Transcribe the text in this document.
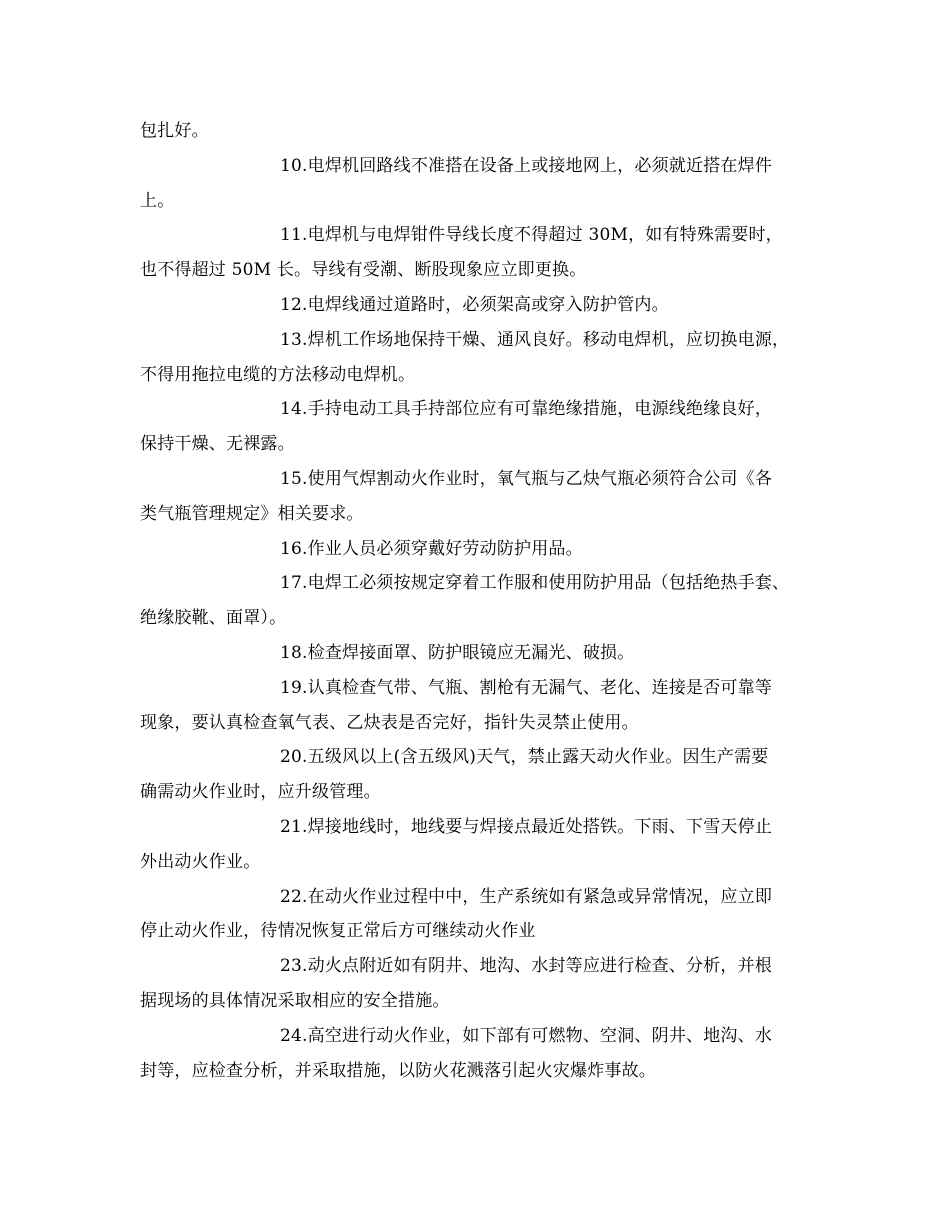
包扎好。
10.电焊机回路线不准搭在设备上或接地网上，必须就近搭在焊件
上。
11.电焊机与电焊钳件导线长度不得超过 30M，如有特殊需要时，
也不得超过 50M 长。导线有受潮、断股现象应立即更换。
12.电焊线通过道路时，必须架高或穿入防护管内。
13.焊机工作场地保持干燥、通风良好。移动电焊机，应切换电源，
不得用拖拉电缆的方法移动电焊机。
14.手持电动工具手持部位应有可靠绝缘措施，电源线绝缘良好，
保持干燥、无裸露。
15.使用气焊割动火作业时，氧气瓶与乙炔气瓶必须符合公司《各
类气瓶管理规定》相关要求。
16.作业人员必须穿戴好劳动防护用品。
17.电焊工必须按规定穿着工作服和使用防护用品（包括绝热手套、
绝缘胶靴、面罩）。
18.检查焊接面罩、防护眼镜应无漏光、破损。
19.认真检查气带、气瓶、割枪有无漏气、老化、连接是否可靠等
现象，要认真检查氧气表、乙炔表是否完好，指针失灵禁止使用。
20.五级风以上(含五级风)天气，禁止露天动火作业。因生产需要
确需动火作业时，应升级管理。
21.焊接地线时，地线要与焊接点最近处搭铁。下雨、下雪天停止
外出动火作业。
22.在动火作业过程中中，生产系统如有紧急或异常情况，应立即
停止动火作业，待情况恢复正常后方可继续动火作业
23.动火点附近如有阴井、地沟、水封等应进行检查、分析，并根
据现场的具体情况采取相应的安全措施。
24.高空进行动火作业，如下部有可燃物、空洞、阴井、地沟、水
封等，应检查分析，并采取措施，以防火花溅落引起火灾爆炸事故。
